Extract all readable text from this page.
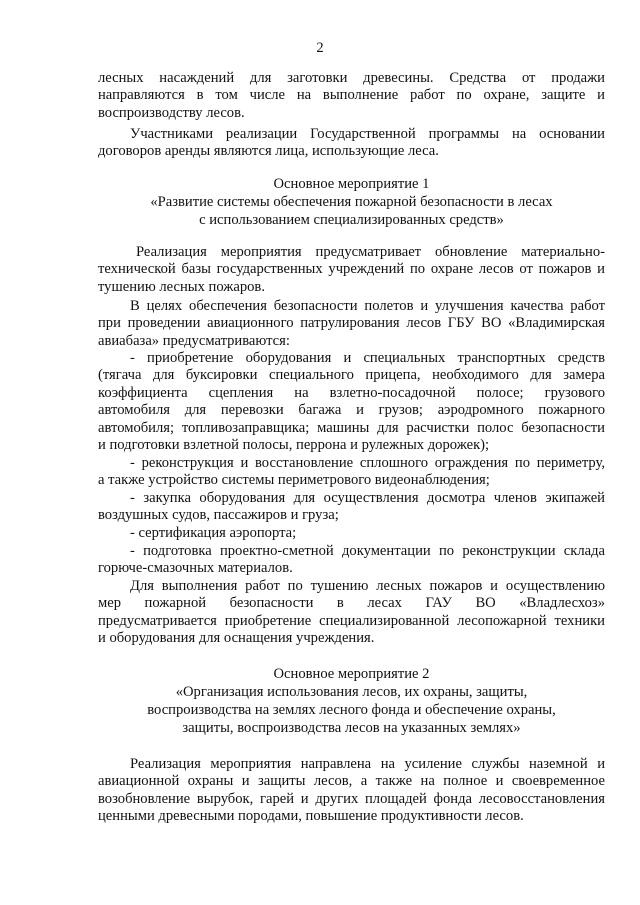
2
лесных насаждений для заготовки древесины. Средства от продажи
направляются в том числе на выполнение работ по охране, защите и
воспроизводству лесов.
Участниками реализации Государственной программы на основании
договоров аренды являются лица, использующие леса.
Основное мероприятие 1
«Развитие системы обеспечения пожарной безопасности в лесах
с использованием специализированных средств»
Реализация мероприятия предусматривает обновление материально-
технической базы государственных учреждений по охране лесов от пожаров и
тушению лесных пожаров.
В целях обеспечения безопасности полетов и улучшения качества работ
при проведении авиационного патрулирования лесов ГБУ ВО «Владимирская
авиабаза» предусматриваются:
- приобретение оборудования и специальных транспортных средств
(тягача для буксировки специального прицепа, необходимого для замера
коэффициента сцепления на взлетно-посадочной полосе; грузового
автомобиля для перевозки багажа и грузов; аэродромного пожарного
автомобиля; топливозаправщика; машины для расчистки полос безопасности
и подготовки взлетной полосы, перрона и рулежных дорожек);
- реконструкция и восстановление сплошного ограждения по периметру,
а также устройство системы периметрового видеонаблюдения;
- закупка оборудования для осуществления досмотра членов экипажей
воздушных судов, пассажиров и груза;
- сертификация аэропорта;
- подготовка проектно-сметной документации по реконструкции склада
горюче-смазочных материалов.
Для выполнения работ по тушению лесных пожаров и осуществлению
мер пожарной безопасности в лесах ГАУ ВО «Владлесхоз»
предусматривается приобретение специализированной лесопожарной техники
и оборудования для оснащения учреждения.
Основное мероприятие 2
«Организация использования лесов, их охраны, защиты,
воспроизводства на землях лесного фонда и обеспечение охраны,
защиты, воспроизводства лесов на указанных землях»
Реализация мероприятия направлена на усиление службы наземной и
авиационной охраны и защиты лесов, а также на полное и своевременное
возобновление вырубок, гарей и других площадей фонда лесовосстановления
ценными древесными породами, повышение продуктивности лесов.
